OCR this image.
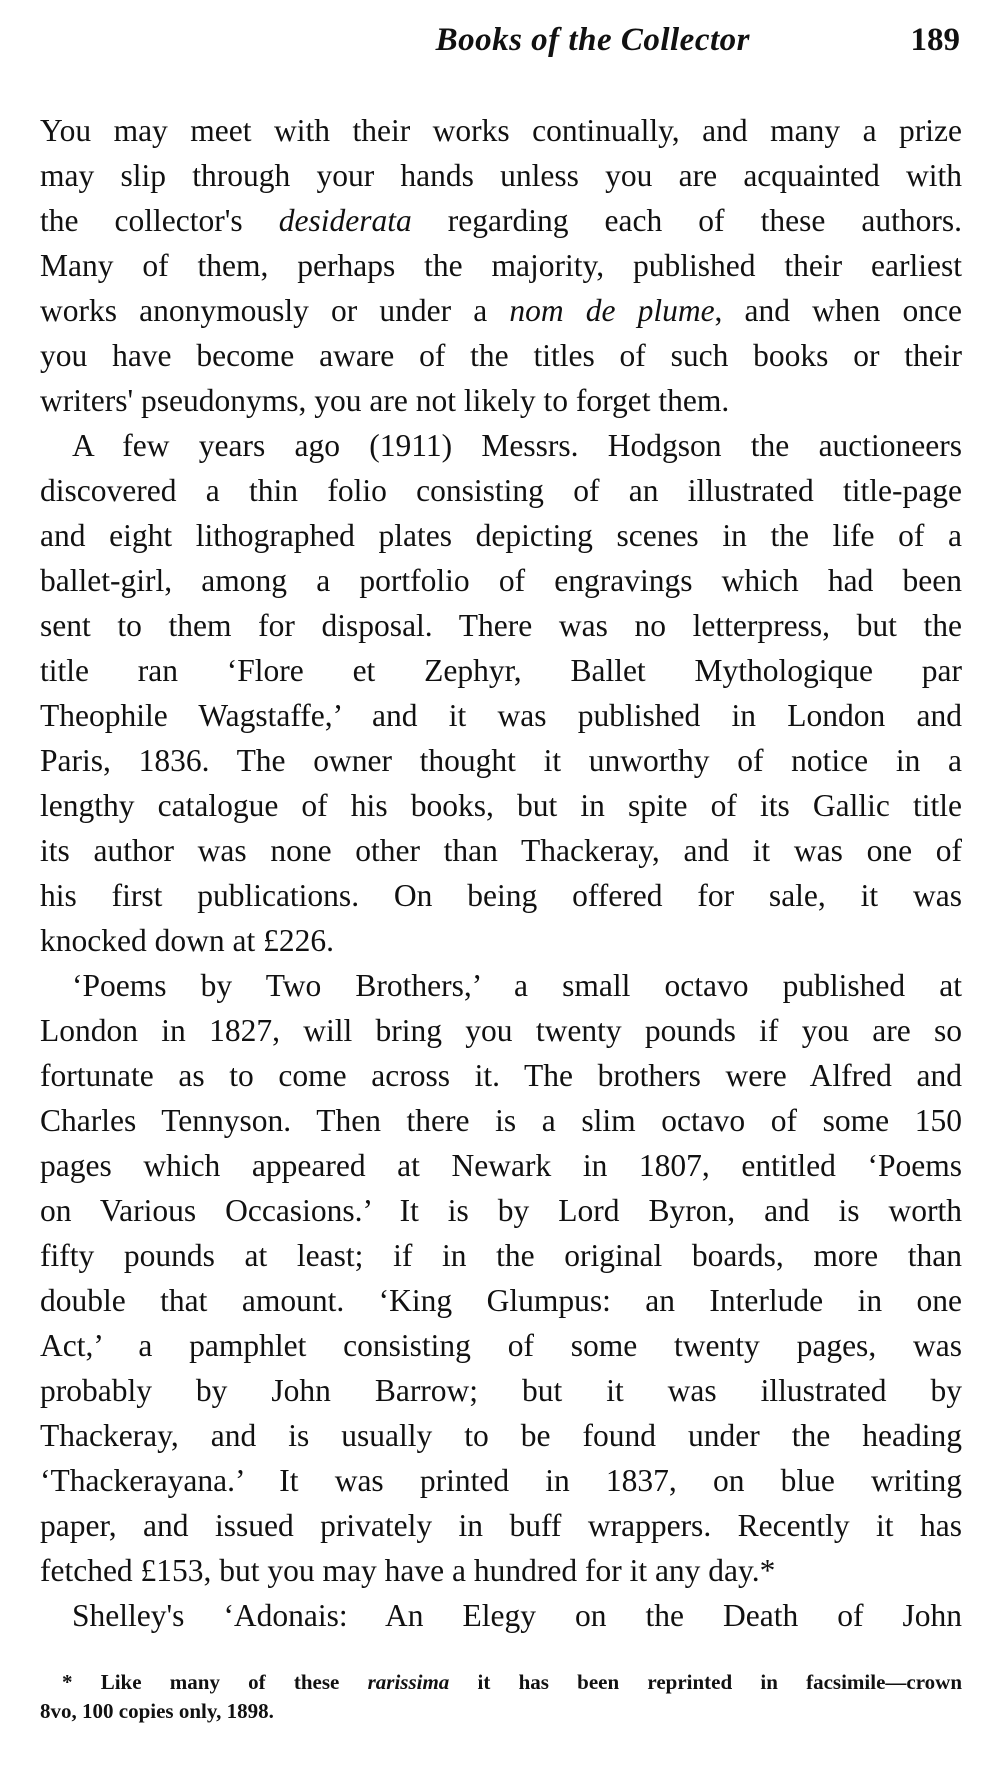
Books of the Collector	189
You may meet with their works continually, and many a prize
may slip through your hands unless you are acquainted with
the collector's desiderata regarding each of these authors.
Many of them, perhaps the majority, published their earliest
works anonymously or under a nom de plume, and when once
you have become aware of the titles of such books or their
writers' pseudonyms, you are not likely to forget them.
A few years ago (1911) Messrs. Hodgson the auctioneers
discovered a thin folio consisting of an illustrated title-page
and eight lithographed plates depicting scenes in the life of a
ballet-girl, among a portfolio of engravings which had been
sent to them for disposal. There was no letterpress, but the
title ran ‘Flore et Zephyr, Ballet Mythologique par
Theophile Wagstaffe,’ and it was published in London and
Paris, 1836. The owner thought it unworthy of notice in a
lengthy catalogue of his books, but in spite of its Gallic title
its author was none other than Thackeray, and it was one of
his first publications. On being offered for sale, it was
knocked down at £226.
‘Poems by Two Brothers,’ a small octavo published at
London in 1827, will bring you twenty pounds if you are so
fortunate as to come across it. The brothers were Alfred and
Charles Tennyson. Then there is a slim octavo of some 150
pages which appeared at Newark in 1807, entitled ‘Poems
on Various Occasions.’ It is by Lord Byron, and is worth
fifty pounds at least; if in the original boards, more than
double that amount. ‘King Glumpus: an Interlude in one
Act,’ a pamphlet consisting of some twenty pages, was
probably by John Barrow; but it was illustrated by
Thackeray, and is usually to be found under the heading
‘Thackerayana.’ It was printed in 1837, on blue writing
paper, and issued privately in buff wrappers. Recently it has
fetched £153, but you may have a hundred for it any day.*
Shelley's ‘Adonais: An Elegy on the Death of John
* Like many of these rarissima it has been reprinted in facsimile—crown
8vo, 100 copies only, 1898.
